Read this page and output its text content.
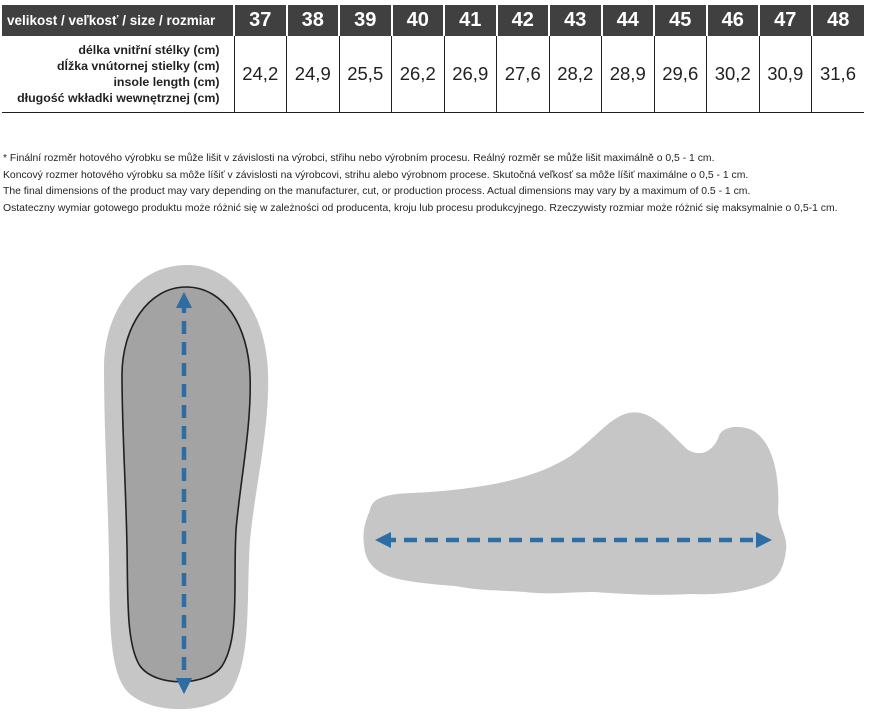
velikost / veľkosť / size / rozmiar	37	38	39	40	41	42	43	44	45	46	47	48

délka vnitřní stélky (cm)
dĺžka vnútornej stielky (cm)
insole length (cm)
długość wkładki wewnętrznej (cm)	24,2	24,9	25,5	26,2	26,9	27,6	28,2	28,9	29,6	30,2	30,9	31,6
* Finální rozměr hotového výrobku se může lišit v závislosti na výrobci, střihu nebo výrobním procesu. Reálný rozměr se může lišit maximálně o 0,5 - 1 cm.
Koncový rozmer hotového výrobku sa môže líšiť v závislosti na výrobcovi, strihu alebo výrobnom procese. Skutočná veľkosť sa môže líšiť maximálne o 0,5 - 1 cm.
The final dimensions of the product may vary depending on the manufacturer, cut, or production process. Actual dimensions may vary by a maximum of 0.5 - 1 cm.
Ostateczny wymiar gotowego produktu może różnić się w zależności od producenta, kroju lub procesu produkcyjnego. Rzeczywisty rozmiar może różnić się maksymalnie o 0,5-1 cm.
